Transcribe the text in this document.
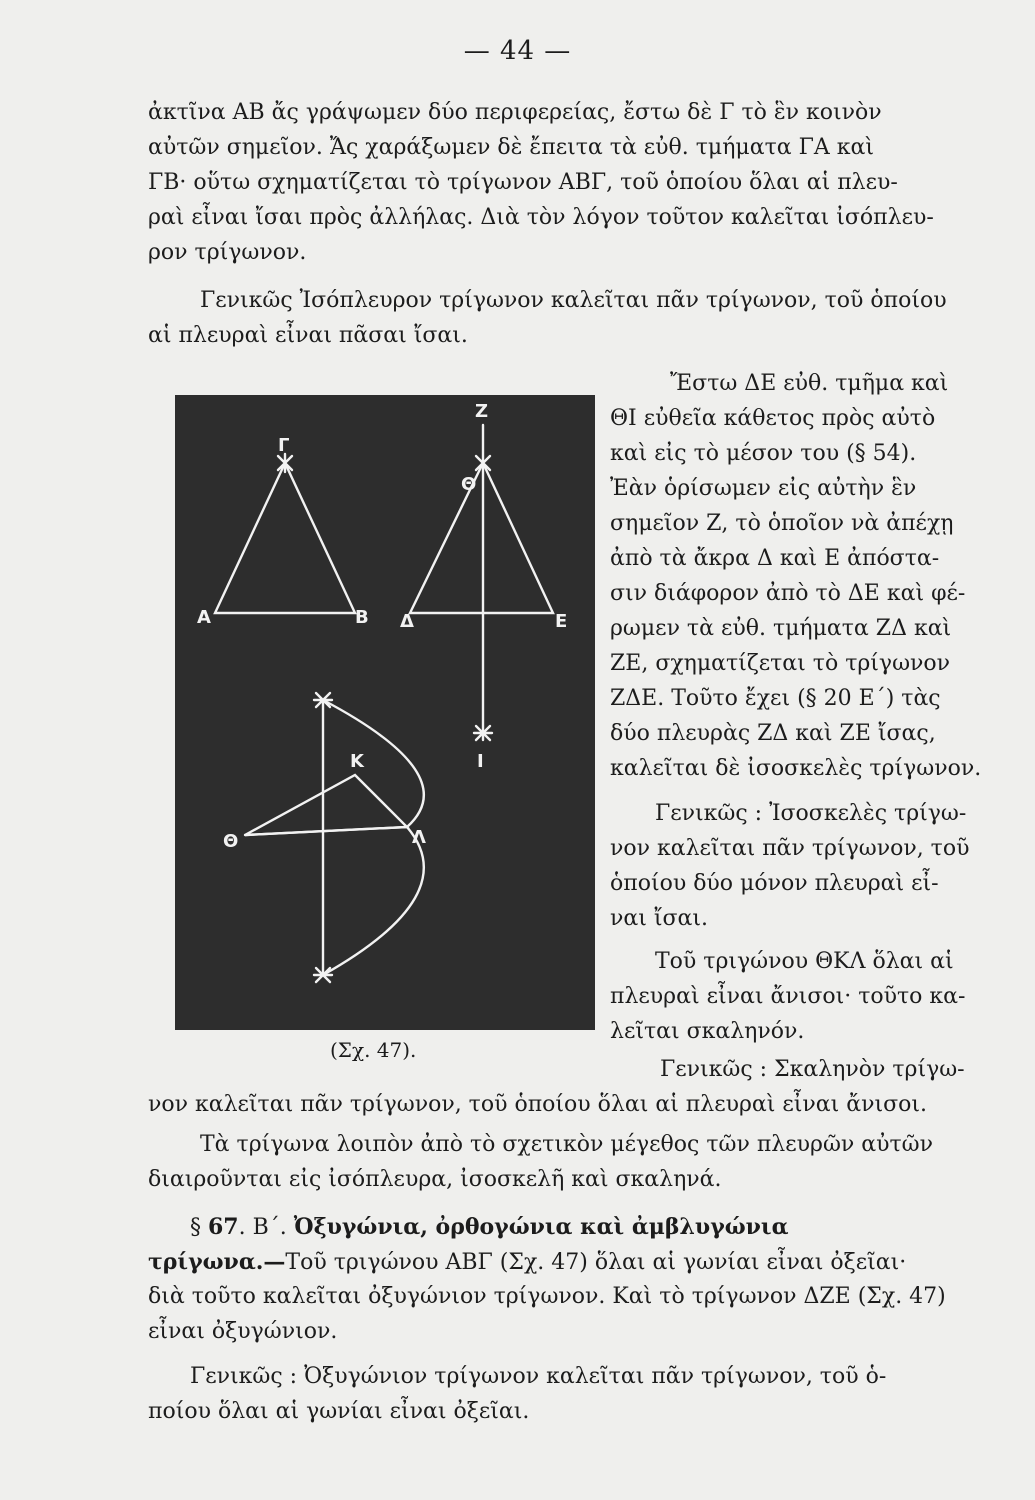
— 44 —
ἀκτῖνα ΑΒ ἄς γράψωμεν δύο περιφερείας, ἔστω δὲ Γ τὸ ἓν κοινὸν
αὐτῶν σημεῖον. Ἄς χαράξωμεν δὲ ἔπειτα τὰ εὐθ. τμήματα ΓΑ καὶ
ΓΒ· οὕτω σχηματίζεται τὸ τρίγωνον ΑΒΓ, τοῦ ὁποίου ὅλαι αἱ πλευ-
ραὶ εἶναι ἴσαι πρὸς ἀλλήλας. Διὰ τὸν λόγον τοῦτον καλεῖται ἰσόπλευ-
ρον τρίγωνον.
Γενικῶς Ἰσόπλευρον τρίγωνον καλεῖται πᾶν τρίγωνον, τοῦ ὁποίου
αἱ πλευραὶ εἶναι πᾶσαι ἴσαι.
Γ
Α	Β Δ	Ε
Ζ
Θ
Ι
Θ
Κ
Λ
(Σχ. 47).
Ἔστω ΔΕ εὐθ. τμῆμα καὶ
ΘΙ εὐθεῖα κάθετος πρὸς αὐτὸ
καὶ εἰς τὸ μέσον του (§ 54).
Ἐὰν ὁρίσωμεν εἰς αὐτὴν ἓν
σημεῖον Ζ, τὸ ὁποῖον νὰ ἀπέχῃ
ἀπὸ τὰ ἄκρα Δ καὶ Ε ἀπόστα-
σιν διάφορον ἀπὸ τὸ ΔΕ καὶ φέ-
ρωμεν τὰ εὐθ. τμήματα ΖΔ καὶ
ΖΕ, σχηματίζεται τὸ τρίγωνον
ΖΔΕ. Τοῦτο ἔχει (§ 20 Ε΄) τὰς
δύο πλευρὰς ΖΔ καὶ ΖΕ ἴσας,
καλεῖται δὲ ἰσοσκελὲς τρίγωνον.
Γενικῶς : Ἰσοσκελὲς τρίγω-
νον καλεῖται πᾶν τρίγωνον, τοῦ
ὁποίου δύο μόνον πλευραὶ εἶ-
ναι ἴσαι.
Τοῦ τριγώνου ΘΚΛ ὅλαι αἱ
πλευραὶ εἶναι ἄνισοι· τοῦτο κα-
λεῖται σκαληνόν.
Γενικῶς : Σκαληνὸν τρίγω-
νον καλεῖται πᾶν τρίγωνον, τοῦ ὁποίου ὅλαι αἱ πλευραὶ εἶναι ἄνισοι.
Τὰ τρίγωνα λοιπὸν ἀπὸ τὸ σχετικὸν μέγεθος τῶν πλευρῶν αὐτῶν
διαιροῦνται εἰς ἰσόπλευρα, ἰσοσκελῆ καὶ σκαληνά.
§ 67. Β΄. Ὀξυγώνια, ὀρθογώνια καὶ ἀμβλυγώνια
τρίγωνα.—Τοῦ τριγώνου ΑΒΓ (Σχ. 47) ὅλαι αἱ γωνίαι εἶναι ὀξεῖαι·
διὰ τοῦτο καλεῖται ὀξυγώνιον τρίγωνον. Καὶ τὸ τρίγωνον ΔΖΕ (Σχ. 47)
εἶναι ὀξυγώνιον.
Γενικῶς : Ὀξυγώνιον τρίγωνον καλεῖται πᾶν τρίγωνον, τοῦ ὁ-
ποίου ὅλαι αἱ γωνίαι εἶναι ὀξεῖαι.
